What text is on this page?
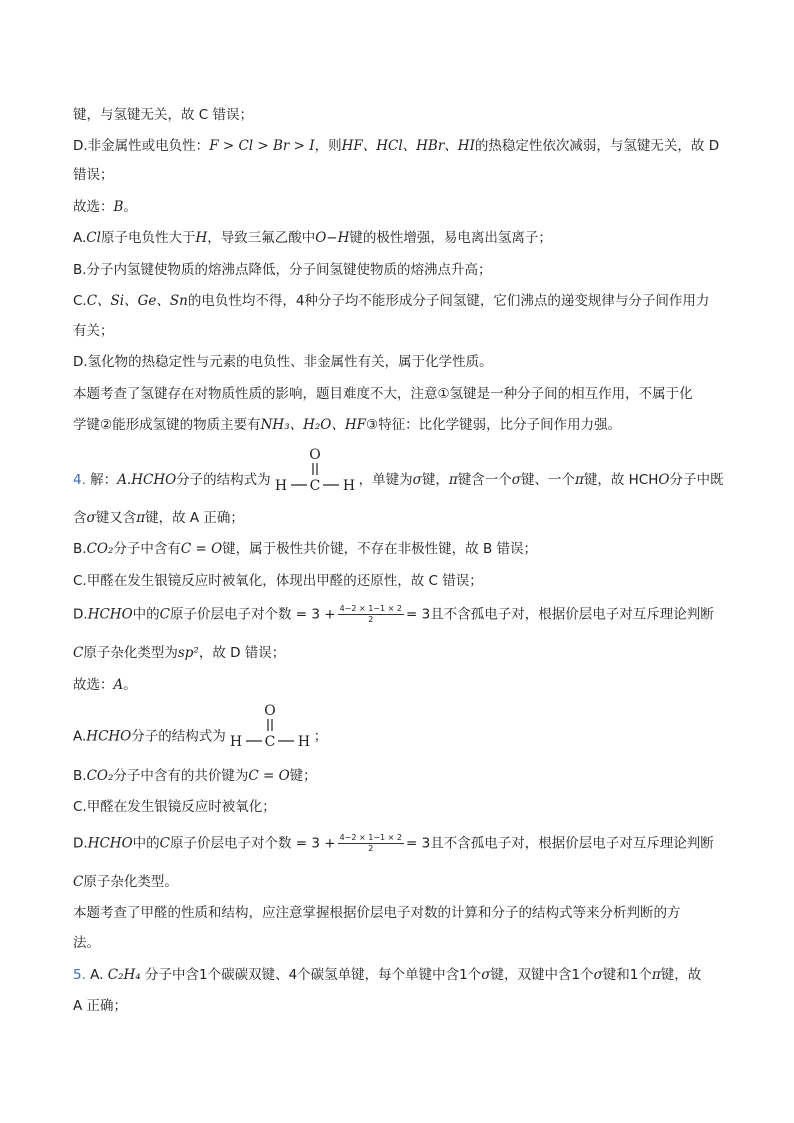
键，与氢键无关，故 C 错误；
D.非金属性或电负性：F > Cl > Br > I，则HF、HCl、HBr、HI的热稳定性依次减弱，与氢键无关，故 D
错误；
故选：B。
A.Cl原子电负性大于H，导致三氟乙酸中O−H键的极性增强，易电离出氢离子；
B.分子内氢键使物质的熔沸点降低，分子间氢键使物质的熔沸点升高；
C.C、Si、Ge、Sn的电负性均不得，4种分子均不能形成分子间氢键，它们沸点的递变规律与分子间作用力
有关；
D.氢化物的热稳定性与元素的电负性、非金属性有关，属于化学性质。
本题考查了氢键存在对物质性质的影响，题目难度不大，注意①氢键是一种分子间的相互作用，不属于化
学键②能形成氢键的物质主要有NH₃、H₂O、HF③特征：比化学键弱，比分子间作用力强。
4. 解：A.HCHO分子的结构式为
O
H C H ，单键为σ键，π键含一个σ键、一个π键，故 HCHO分子中既
含σ键又含π键，故 A 正确；
B.CO₂分子中含有C = O键，属于极性共价键，不存在非极性键，故 B 错误；
C.甲醛在发生银镜反应时被氧化，体现出甲醛的还原性，故 C 错误；
D.HCHO中的C原子价层电子对个数 = $3 + \frac{4-2 \times 1-1 \times 2}{2} = 3$且不含孤电子对，根据价层电子对互斥理论判断
C原子杂化类型为sp²，故 D 错误；
故选：A。
A.HCHO分子的结构式为
O
H C H ；
B.CO₂分子中含有的共价键为C = O键；
C.甲醛在发生银镜反应时被氧化；
D.HCHO中的C原子价层电子对个数 = $3 + \frac{4-2 \times 1-1 \times 2}{2} = 3$且不含孤电子对，根据价层电子对互斥理论判断
C原子杂化类型。
本题考查了甲醛的性质和结构，应注意掌握根据价层电子对数的计算和分子的结构式等来分析判断的方
法。
5. A. C₂H₄ 分子中含1个碳碳双键、4个碳氢单键，每个单键中含1个σ键，双键中含1个σ键和1个π键，故
A 正确；
